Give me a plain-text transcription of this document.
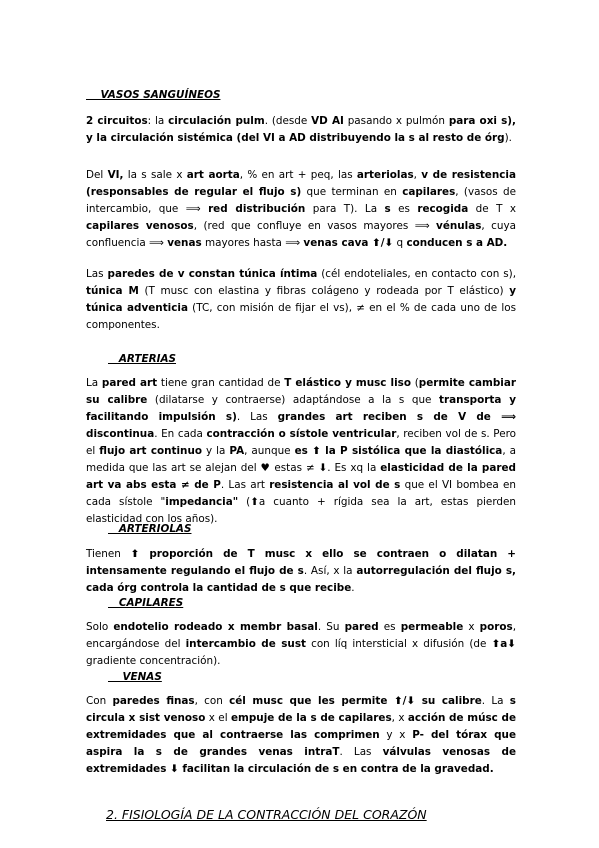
VASOS SANGUÍNEOS

2 circuitos: la circulación pulm. (desde VD AI pasando x pulmón para oxi s), y la circulación sistémica (del VI a AD distribuyendo la s al resto de órg).

Del VI, la s sale x art aorta, % en art + peq, las arteriolas, v de resistencia (responsables de regular el flujo s) que terminan en capilares, (vasos de intercambio, que ⟹ red distribución para T). La s es recogida de T x capilares venosos, (red que confluye en vasos mayores ⟹ vénulas, cuya confluencia ⟹ venas mayores hasta ⟹ venas cava ⬆/⬇ q conducen s a AD.

Las paredes de v constan túnica íntima (cél endoteliales, en contacto con s), túnica M (T musc con elastina y fibras colágeno y rodeada por T elástico) y túnica adventicia (TC, con misión de fijar el vs), ≠ en el % de cada uno de los componentes.

ARTERIAS

La pared art tiene gran cantidad de T elástico y musc liso (permite cambiar su calibre (dilatarse y contraerse) adaptándose a la s que transporta y facilitando impulsión s). Las grandes art reciben s de V de ⟹ discontinua. En cada contracción o sístole ventricular, reciben vol de s. Pero el flujo art continuo y la PA, aunque es ⬆ la P sistólica que la diastólica, a medida que las art se alejan del ♥ estas ≠ ⬇. Es xq la elasticidad de la pared art va abs esta ≠ de P. Las art resistencia al vol de s que el VI bombea en cada sístole "impedancia" (⬆a cuanto + rígida sea la art, estas pierden elasticidad con los años).

ARTERIOLAS

Tienen ⬆ proporción de T musc x ello se contraen o dilatan + intensamente regulando el flujo de s. Así, x la autorregulación del flujo s, cada órg controla la cantidad de s que recibe.

CAPILARES

Solo endotelio rodeado x membr basal. Su pared es permeable x poros, encargándose del intercambio de sust con líq intersticial x difusión (de ⬆a⬇ gradiente concentración).

VENAS

Con paredes finas, con cél musc que les permite ⬆/⬇ su calibre. La s circula x sist venoso x el empuje de la s de capilares, x acción de músc de extremidades que al contraerse las comprimen y x P- del tórax que aspira la s de grandes venas intraT. Las válvulas venosas de extremidades ⬇ facilitan la circulación de s en contra de la gravedad.

2. FISIOLOGÍA DE LA CONTRACCIÓN DEL CORAZÓN
